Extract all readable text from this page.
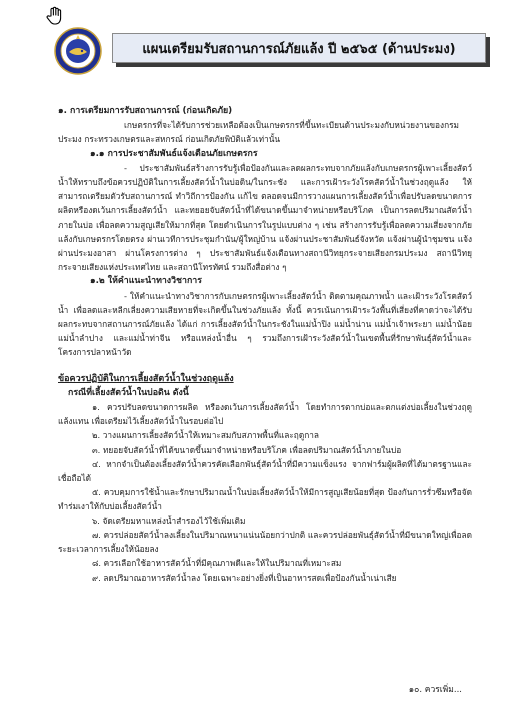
แผนเตรียมรับสถานการณ์ภัยแล้ง ปี ๒๕๖๕ (ด้านประมง)
๑. การเตรียมการรับสถานการณ์ (ก่อนเกิดภัย)
เกษตรกรที่จะได้รับการช่วยเหลือต้องเป็นเกษตรกรที่ขึ้นทะเบียนด้านประมงกับหน่วยงานของกรมประมง กระทรวงเกษตรและสหกรณ์ ก่อนเกิดภัยพิบัติแล้วเท่านั้น
๑.๑ การประชาสัมพันธ์แจ้งเตือนภัยเกษตรกร
- ประชาสัมพันธ์สร้างการรับรู้เพื่อป้องกันและลดผลกระทบจากภัยแล้งกับเกษตรกรผู้เพาะเลี้ยงสัตว์น้ำให้ทราบถึงข้อควรปฏิบัติในการเลี้ยงสัตว์น้ำในบ่อดิน/ในกระชัง และการเฝ้าระวังโรคสัตว์น้ำในช่วงฤดูแล้ง ให้สามารถเตรียมตัวรับสถานการณ์ ทำวิถีการป้องกัน แก้ไข ตลอดจนมีการวางแผนการเลี้ยงสัตว์น้ำเพื่อปรับลดขนาดการผลิตหรืองดเว้นการเลี้ยงสัตว์น้ำ และทยอยจับสัตว์น้ำที่ได้ขนาดขึ้นมาจำหน่ายหรือบริโภค เป็นการลดปริมาณสัตว์น้ำภายในบ่อ เพื่อลดความสูญเสียให้มากที่สุด โดยดำเนินการในรูปแบบต่าง ๆ เช่น สร้างการรับรู้เพื่อลดความเสี่ยงจากภัยแล้งกับเกษตรกรโดยตรง ผ่านเวทีการประชุมกำนัน/ผู้ใหญ่บ้าน แจ้งผ่านประชาสัมพันธ์จังหวัด แจ้งผ่านผู้นำชุมชน แจ้งผ่านประมงอาสา ผ่านโครงการต่าง ๆ ประชาสัมพันธ์แจ้งเตือนทางสถานีวิทยุกระจายเสียงกรมประมง สถานีวิทยุกระจายเสียงแห่งประเทศไทย และสถานีโทรทัศน์ รวมถึงสื่อต่าง ๆ
๑.๒ ให้คำแนะนำทางวิชาการ
- ให้คำแนะนำทางวิชาการกับเกษตรกรผู้เพาะเลี้ยงสัตว์น้ำ ติดตามคุณภาพน้ำ และเฝ้าระวังโรคสัตว์น้ำ เพื่อลดและหลีกเลี่ยงความเสียหายที่จะเกิดขึ้นในช่วงภัยแล้ง ทั้งนี้ ควรเน้นการเฝ้าระวังพื้นที่เสี่ยงที่คาดว่าจะได้รับผลกระทบจากสถานการณ์ภัยแล้ง ได้แก่ การเลี้ยงสัตว์น้ำในกระชังในแม่น้ำปิง แม่น้ำน่าน แม่น้ำเจ้าพระยา แม่น้ำน้อย แม่น้ำลำปาง และแม่น้ำท่าจีน หรือแหล่งน้ำอื่น ๆ รวมถึงการเฝ้าระวังสัตว์น้ำในเขตพื้นที่รักษาพันธุ์สัตว์น้ำและโครงการปลาหน้าวัด
ข้อควรปฏิบัติในการเลี้ยงสัตว์น้ำในช่วงฤดูแล้ง
กรณีที่เลี้ยงสัตว์น้ำในบ่อดิน ดังนี้
๑. ควรปรับลดขนาดการผลิต หรืองดเว้นการเลี้ยงสัตว์น้ำ โดยทำการตากบ่อและตกแต่งบ่อเลี้ยงในช่วงฤดูแล้งแทน เพื่อเตรียมไว้เลี้ยงสัตว์น้ำในรอบต่อไป
๒. วางแผนการเลี้ยงสัตว์น้ำให้เหมาะสมกับสภาพพื้นที่และฤดูกาล
๓. ทยอยจับสัตว์น้ำที่ได้ขนาดขึ้นมาจำหน่ายหรือบริโภค เพื่อลดปริมาณสัตว์น้ำภายในบ่อ
๔. หากจำเป็นต้องเลี้ยงสัตว์น้ำควรคัดเลือกพันธุ์สัตว์น้ำที่มีความแข็งแรง จากฟาร์มผู้ผลิตที่ได้มาตรฐานและเชื่อถือได้
๕. ควบคุมการใช้น้ำและรักษาปริมาณน้ำในบ่อเลี้ยงสัตว์น้ำให้มีการสูญเสียน้อยที่สุด ป้องกันการรั่วซึมหรือจัดทำร่มเงาให้กับบ่อเลี้ยงสัตว์น้ำ
๖. จัดเตรียมหาแหล่งน้ำสำรองไว้ใช้เพิ่มเติม
๗. ควรปล่อยสัตว์น้ำลงเลี้ยงในปริมาณหนาแน่นน้อยกว่าปกติ และควรปล่อยพันธุ์สัตว์น้ำที่มีขนาดใหญ่เพื่อลดระยะเวลาการเลี้ยงให้น้อยลง
๘. ควรเลือกใช้อาหารสัตว์น้ำที่มีคุณภาพดีและให้ในปริมาณที่เหมาะสม
๙. ลดปริมาณอาหารสัตว์น้ำลง โดยเฉพาะอย่างยิ่งที่เป็นอาหารสดเพื่อป้องกันน้ำเน่าเสีย
๑๐. ควรเพิ่ม...
